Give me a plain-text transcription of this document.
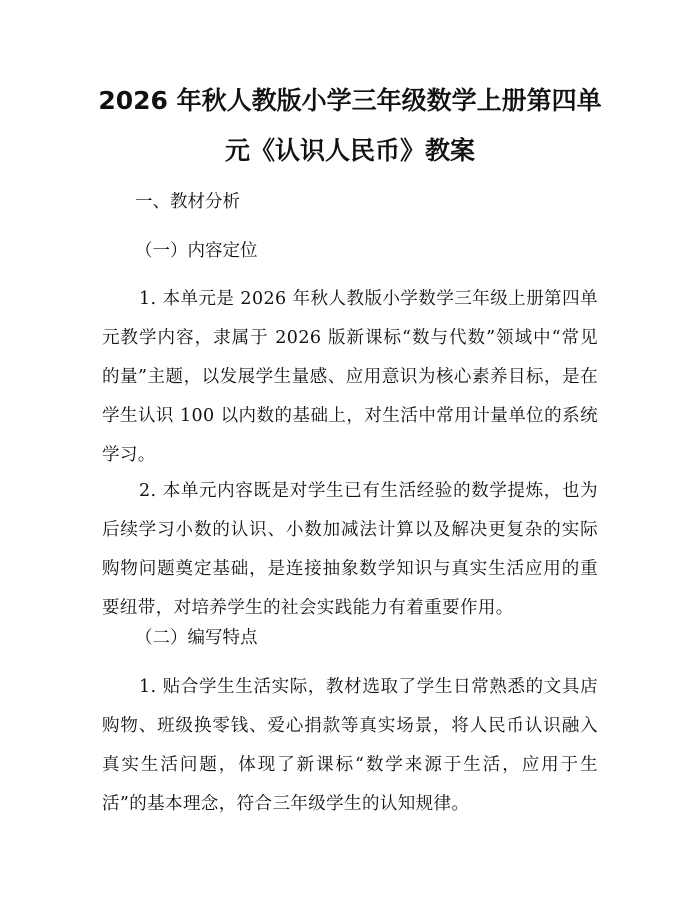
2026 年秋人教版小学三年级数学上册第四单
元《认识人民币》教案
一、教材分析
（一）内容定位
1. 本单元是 2026 年秋人教版小学数学三年级上册第四单元教学内容，隶属于 2026 版新课标“数与代数”领域中“常见的量”主题，以发展学生量感、应用意识为核心素养目标，是在学生认识 100 以内数的基础上，对生活中常用计量单位的系统学习。
2. 本单元内容既是对学生已有生活经验的数学提炼，也为后续学习小数的认识、小数加减法计算以及解决更复杂的实际购物问题奠定基础，是连接抽象数学知识与真实生活应用的重要纽带，对培养学生的社会实践能力有着重要作用。
（二）编写特点
1. 贴合学生生活实际，教材选取了学生日常熟悉的文具店购物、班级换零钱、爱心捐款等真实场景，将人民币认识融入真实生活问题，体现了新课标“数学来源于生活，应用于生活”的基本理念，符合三年级学生的认知规律。
